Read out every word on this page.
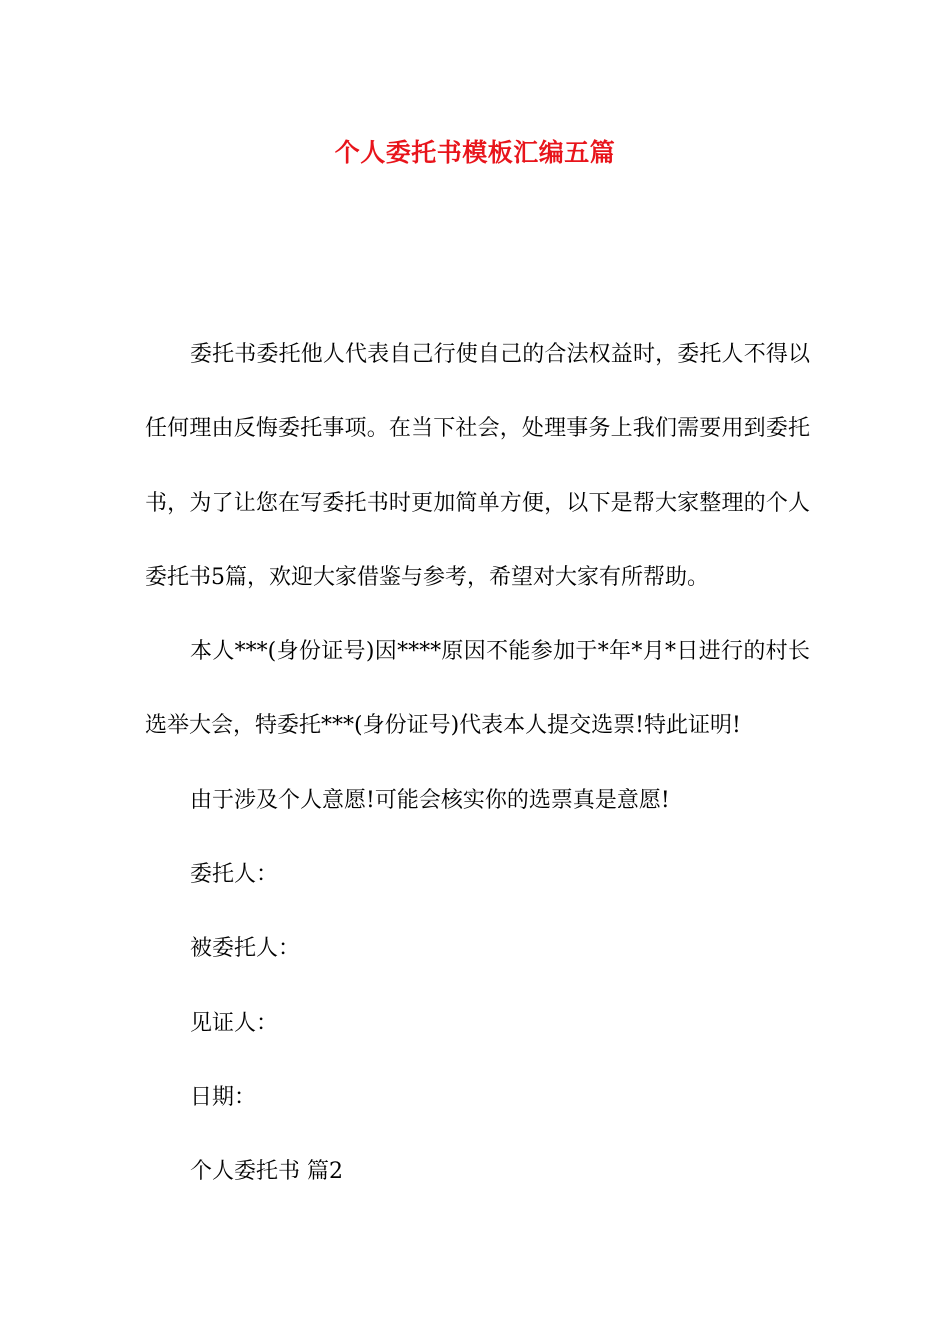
个人委托书模板汇编五篇

委托书委托他人代表自己行使自己的合法权益时，委托人不得以任何理由反悔委托事项。在当下社会，处理事务上我们需要用到委托书，为了让您在写委托书时更加简单方便，以下是帮大家整理的个人委托书5篇，欢迎大家借鉴与参考，希望对大家有所帮助。

本人***(身份证号)因****原因不能参加于*年*月*日进行的村长选举大会，特委托***(身份证号)代表本人提交选票!特此证明!

由于涉及个人意愿!可能会核实你的选票真是意愿!

委托人：

被委托人：

见证人：

日期：

个人委托书 篇2
